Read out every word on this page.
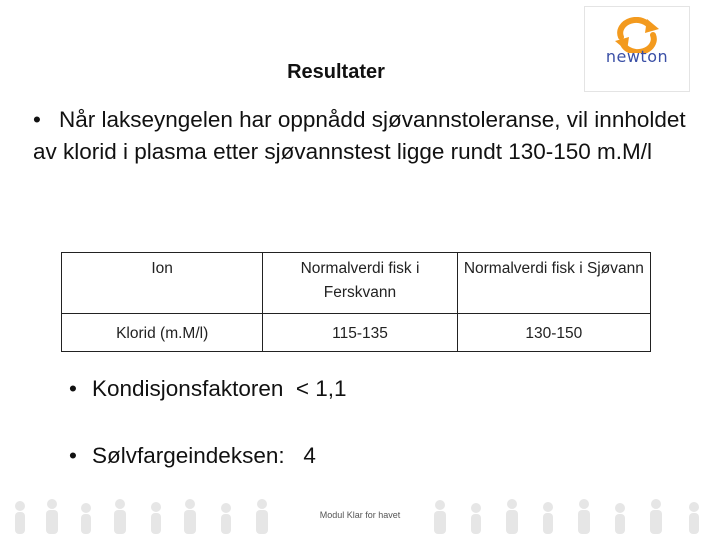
newton
Resultater
• Når lakseyngelen har oppnådd sjøvannstoleranse, vil innholdet av klorid i plasma etter sjøvannstest ligge rundt 130-150 m.M/l
Ion	Normalverdi fisk i Ferskvann	Normalverdi fisk i Sjøvann
Klorid (m.M/l)	115-135	130-150
• Kondisjonsfaktoren  < 1,1
• Sølvfargeindeksen:   4
Modul Klar for havet
